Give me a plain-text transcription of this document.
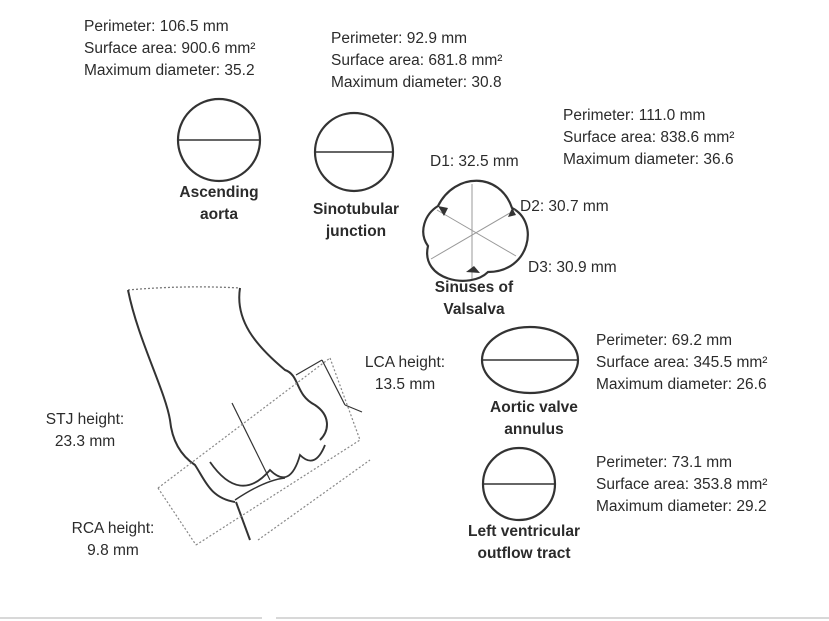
Perimeter: 106.5 mm
Surface area: 900.6 mm²
Maximum diameter: 35.2
Perimeter: 92.9 mm
Surface area: 681.8 mm²
Maximum diameter: 30.8
Perimeter: 111.0 mm
Surface area: 838.6 mm²
Maximum diameter: 36.6
D1: 32.5 mm
D2: 30.7 mm
D3: 30.9 mm
Perimeter: 69.2 mm
Surface area: 345.5 mm²
Maximum diameter: 26.6
Perimeter: 73.1 mm
Surface area: 353.8 mm²
Maximum diameter: 29.2
Ascending
aorta	Sinotubular
junction
Sinuses of
Valsalva
Aortic valve
annulus
Left ventricular
outflow tract
LCA height:
13.5 mm
STJ height:
23.3 mm
RCA height:
9.8 mm
